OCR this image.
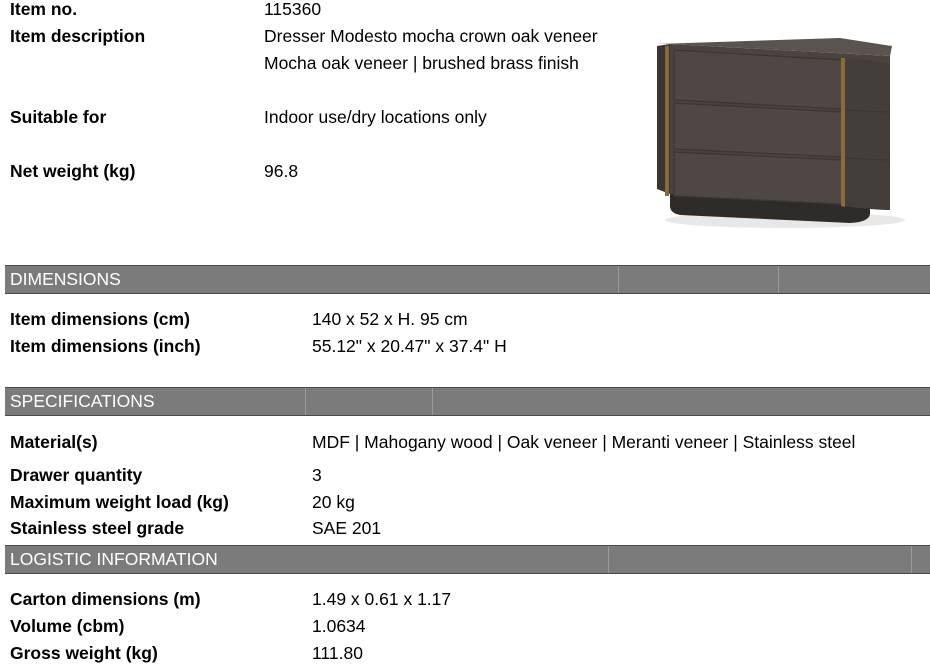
Item no.	115360
Item description	Dresser Modesto mocha crown oak veneer
Mocha oak veneer | brushed brass finish
Suitable for	Indoor use/dry locations only
Net weight (kg)	96.8
DIMENSIONS
Item dimensions (cm)	140 x 52 x H. 95 cm
Item dimensions (inch)	55.12" x 20.47" x 37.4" H
SPECIFICATIONS
Material(s)	MDF | Mahogany wood | Oak veneer | Meranti veneer | Stainless steel
Drawer quantity	3
Maximum weight load (kg)	20 kg
Stainless steel grade	SAE 201
LOGISTIC INFORMATION
Carton dimensions (m)	1.49 x 0.61 x 1.17
Volume (cbm)	1.0634
Gross weight (kg)	111.80
